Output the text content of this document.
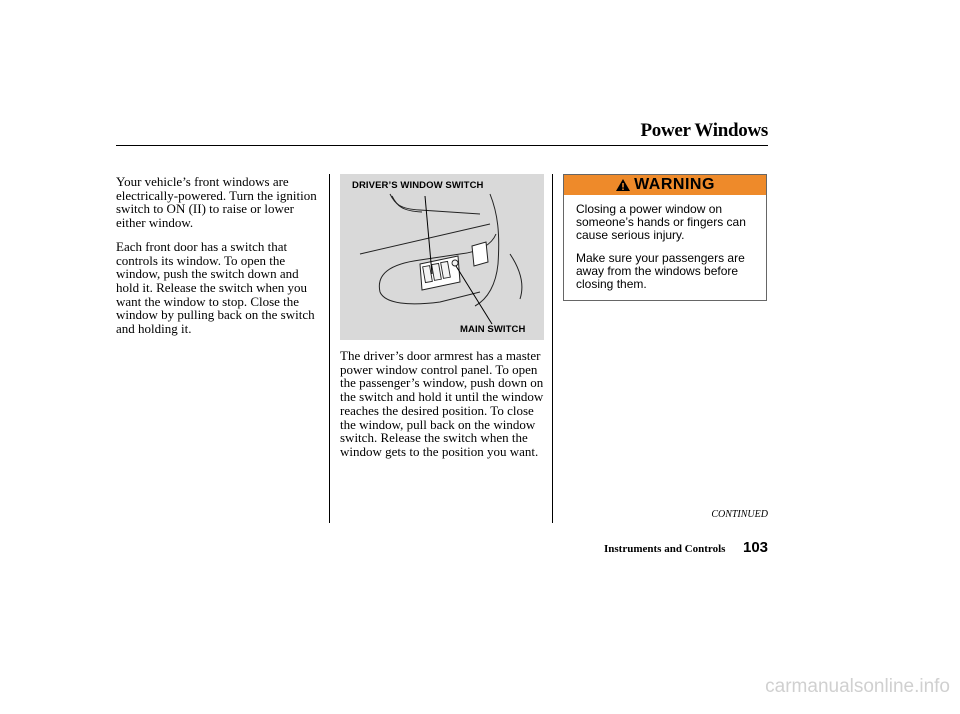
Power Windows

Your vehicle’s front windows are electrically-powered. Turn the ignition switch to ON (II) to raise or lower either window.

Each front door has a switch that controls its window. To open the window, push the switch down and hold it. Release the switch when you want the window to stop. Close the window by pulling back on the switch and holding it.

DRIVER’S WINDOW SWITCH
MAIN SWITCH

The driver’s door armrest has a master power window control panel. To open the passenger’s window, push down on the switch and hold it until the window reaches the desired position. To close the window, pull back on the window switch. Release the switch when the window gets to the position you want.

WARNING

Closing a power window on someone’s hands or fingers can cause serious injury.

Make sure your passengers are away from the windows before closing them.

CONTINUED
Instruments and Controls 103
carmanualsonline.info
